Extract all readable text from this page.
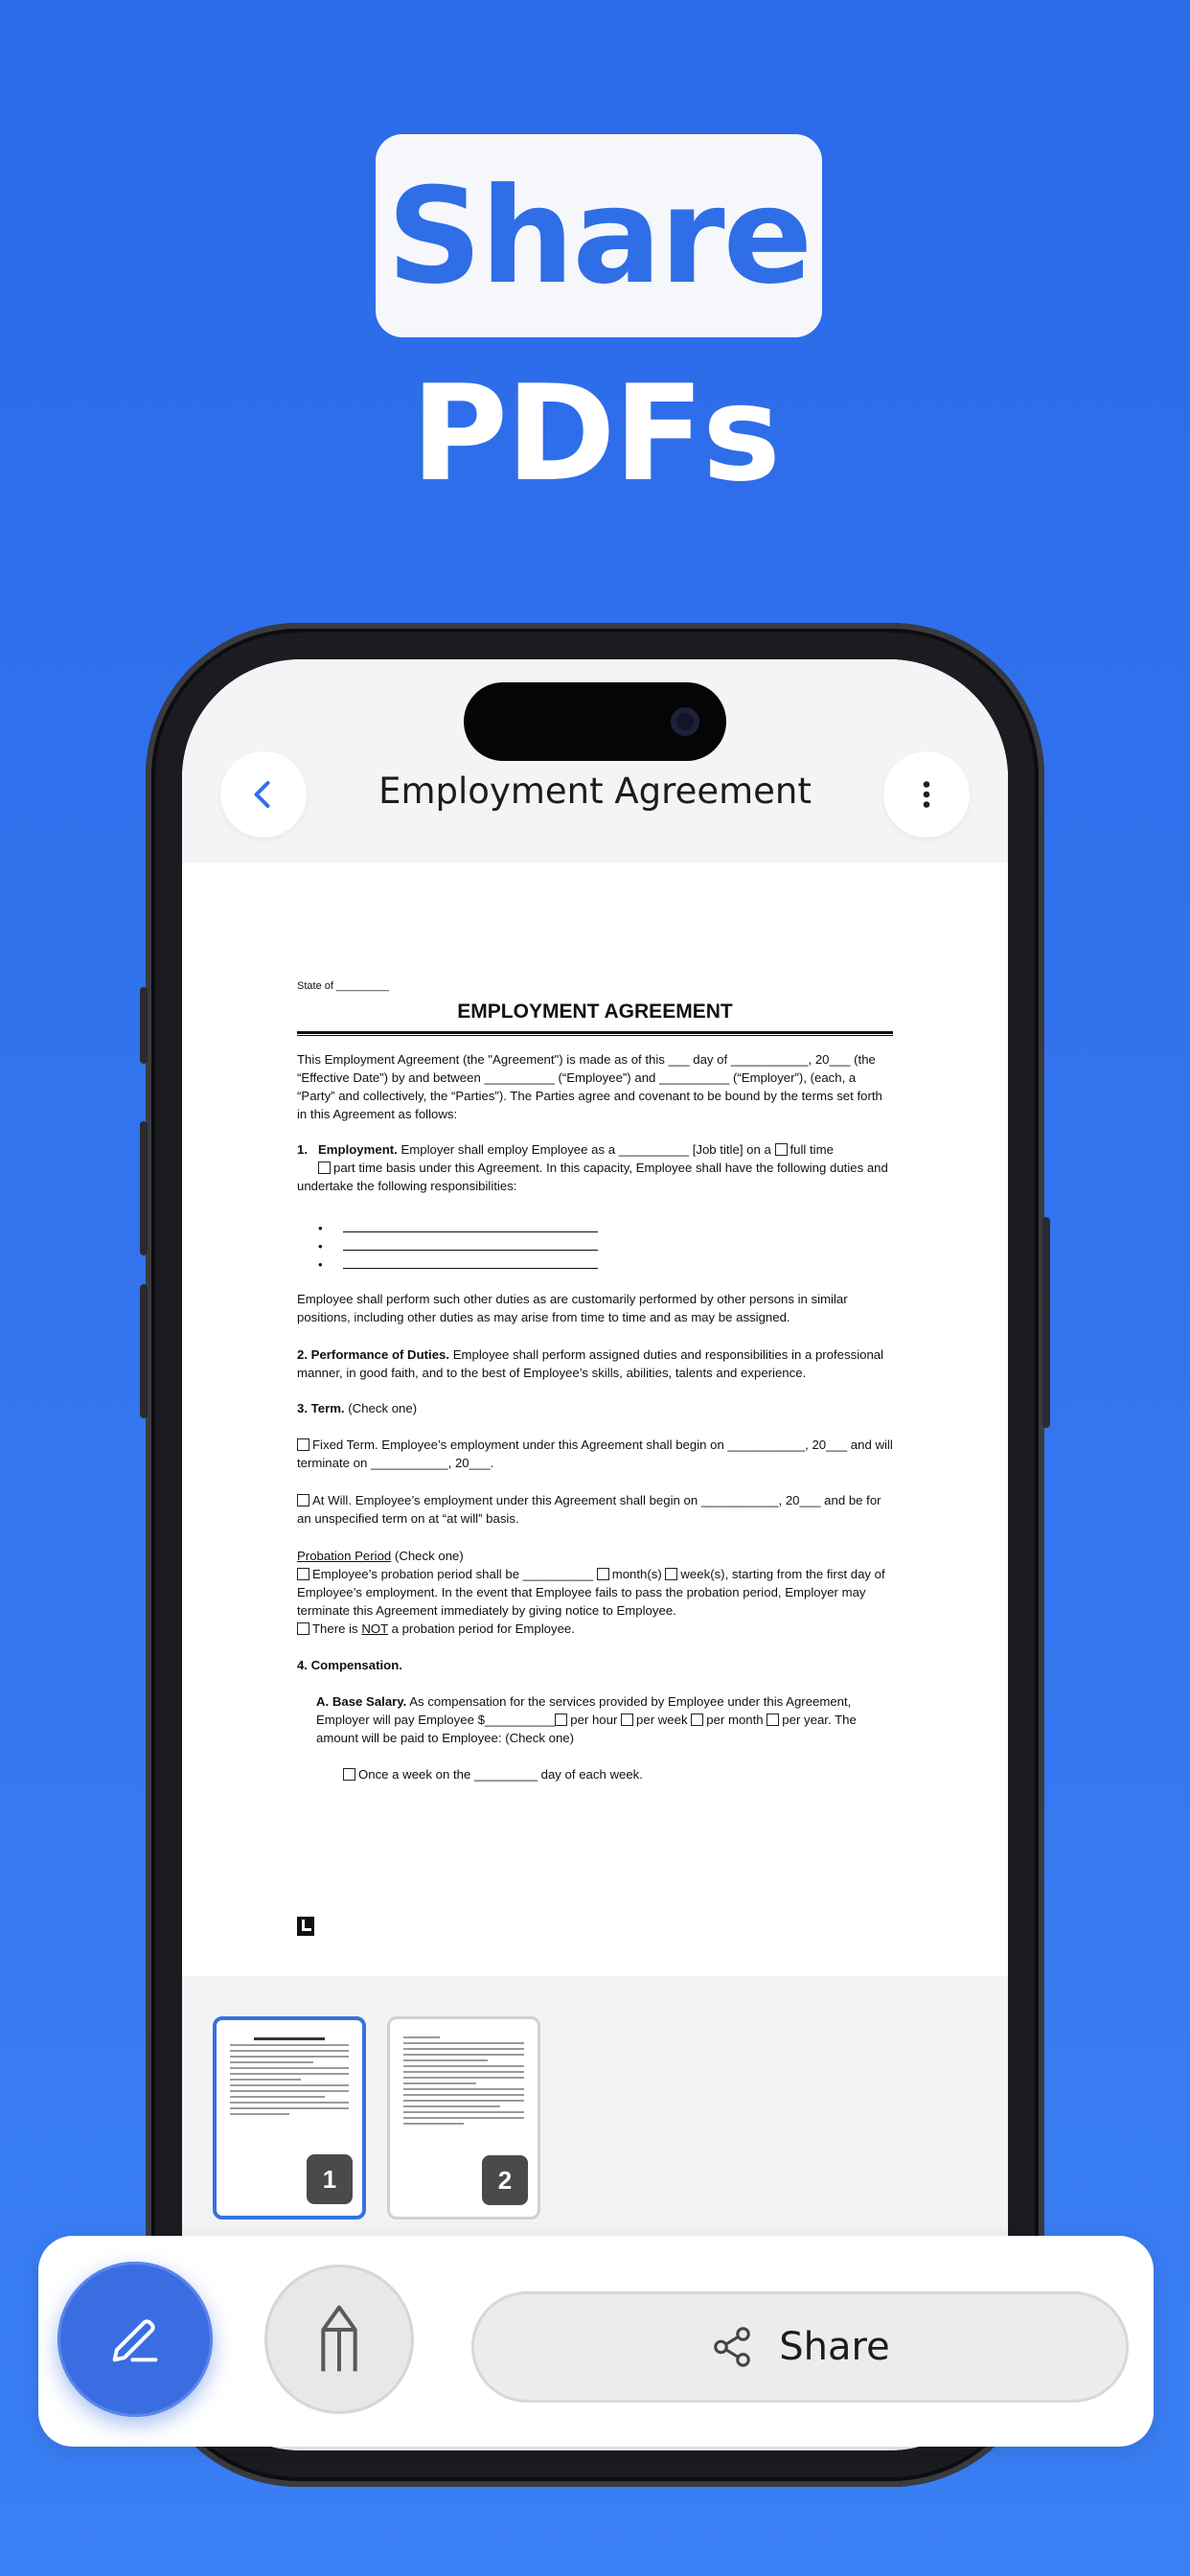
Share
PDFs
Employment Agreement
State of _________
EMPLOYMENT AGREEMENT
This Employment Agreement (the "Agreement") is made as of this ___ day of ___________, 20___ (the “Effective Date”) by and between __________ (“Employee”) and __________ (“Employer”), (each, a “Party” and collectively, the “Parties”). The Parties agree and covenant to be bound by the terms set forth in this Agreement as follows:
1. Employment. Employer shall employ Employee as a __________ [Job title] on a full time
part time basis under this Agreement. In this capacity, Employee shall have the following duties and undertake the following responsibilities:
•
•
•
Employee shall perform such other duties as are customarily performed by other persons in similar positions, including other duties as may arise from time to time and as may be assigned.
2. Performance of Duties. Employee shall perform assigned duties and responsibilities in a professional manner, in good faith, and to the best of Employee’s skills, abilities, talents and experience.
3. Term. (Check one)
Fixed Term. Employee’s employment under this Agreement shall begin on ___________, 20___ and will terminate on ___________, 20___.
At Will. Employee’s employment under this Agreement shall begin on ___________, 20___ and be for an unspecified term on at “at will” basis.
Probation Period (Check one)
Employee’s probation period shall be __________ month(s) week(s), starting from the first day of Employee’s employment. In the event that Employee fails to pass the probation period, Employer may terminate this Agreement immediately by giving notice to Employee.
There is NOT a probation period for Employee.
4. Compensation.
A. Base Salary. As compensation for the services provided by Employee under this Agreement, Employer will pay Employee $__________ per hour per week per month per year. The amount will be paid to Employee: (Check one)
Once a week on the _________ day of each week.
1	2
Share
